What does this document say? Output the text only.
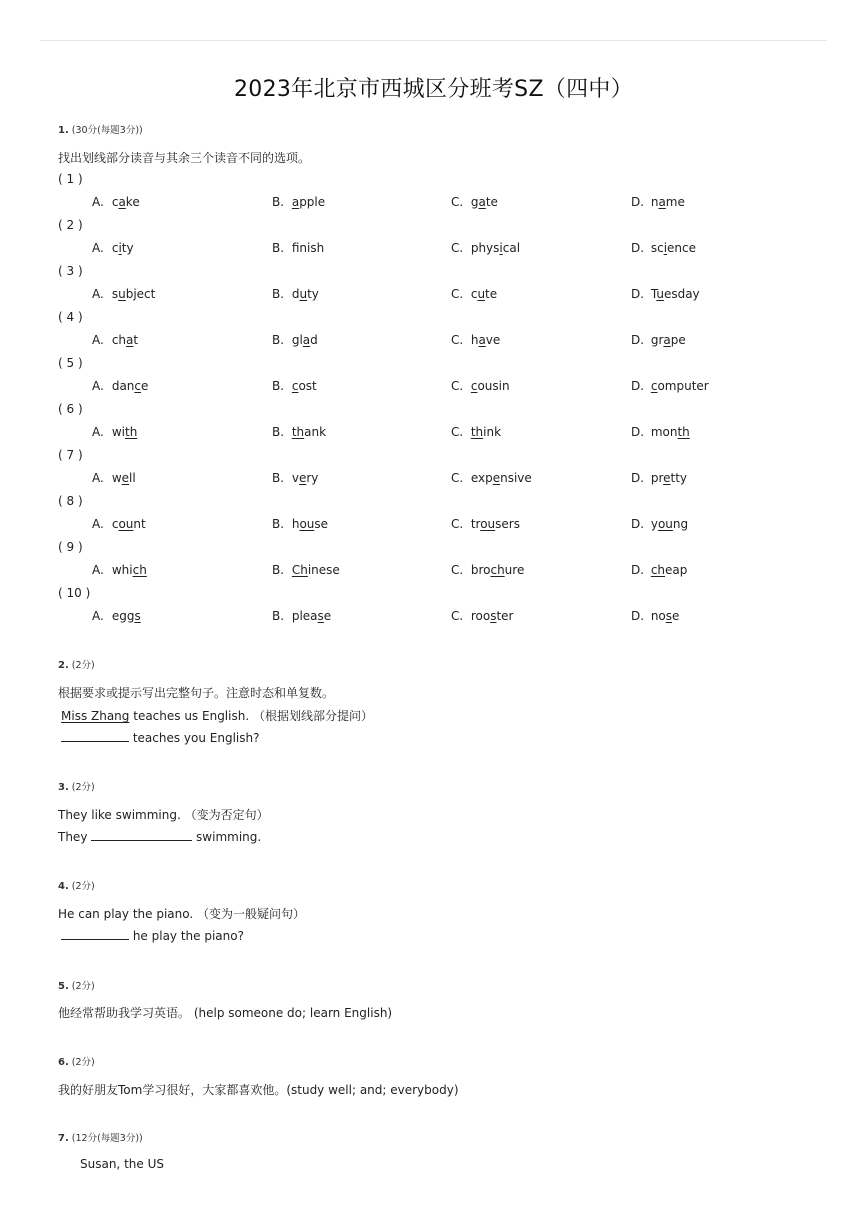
2023年北京市西城区分班考SZ（四中）
1. (30分(每题3分))
找出划线部分读音与其余三个读音不同的选项。
( 1 )
A. cake	B. apple	C. gate	D. name
( 2 )
A. city	B. fnish	C. physical	D. science
( 3 )
A. subject	B. duty	C. cute	D. Tuesday
( 4 )
A. chat	B. glad	C. have	D. grape
( 5 )
A. dance	B. cost	C. cousin	D. computer
( 6 )
A. with	B. thank	C. think	D. month
( 7 )
A. well	B. very	C. expensive	D. pretty
( 8 )
A. count	B. house	C. trousers	D. young
( 9 )
A. which	B. Chinese	C. brochure	D. cheap
( 10 )
A. eggs	B. please	C. rooster	D. nose
2. (2分)
根据要求或提示写出完整句子。注意时态和单复数。
Miss Zhang teaches us English. （根据划线部分提问）
teaches you English?
3. (2分)
They like swimming. （变为否定句）
They	swimming.
4. (2分)
He can play the piano. （变为一般疑问句）
he play the piano?
5. (2分)
他经常帮助我学习英语。 (help someone do; learn English)
6. (2分)
我的好朋友Tom学习很好，大家都喜欢他。(study well; and; everybody)
7. (12分(每题3分))
Susan, the US
